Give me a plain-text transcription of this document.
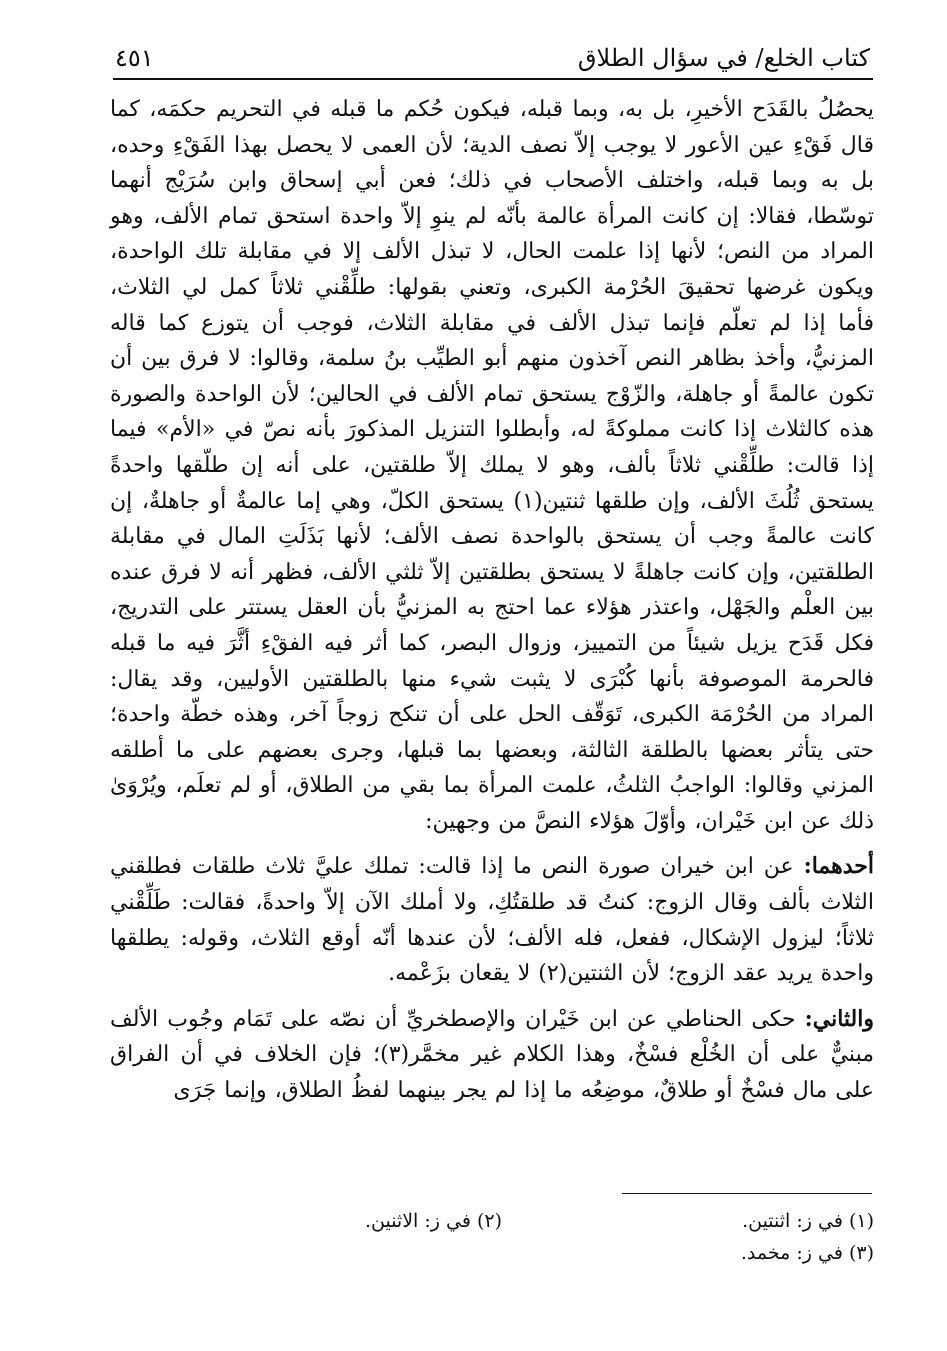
كتاب الخلع/ في سؤال الطلاق
٤٥١

يحصُلُ بالقَدَح الأخيرِ، بل به، وبما قبله، فيكون حُكم ما قبله في التحريم حكمَه، كما قال فَقْءِ عين الأعور لا يوجب إلاّ نصف الدية؛ لأن العمى لا يحصل بهذا الفَقْءِ وحده، بل به وبما قبله، واختلف الأصحاب في ذلك؛ فعن أبي إسحاق وابن سُرَيْج أنهما توسّطا، فقالا: إن كانت المرأة عالمة بأنّه لم ينوِ إلاّ واحدة استحق تمام الألف، وهو المراد من النص؛ لأنها إذا علمت الحال، لا تبذل الألف إلا في مقابلة تلك الواحدة، ويكون غرضها تحقيقَ الحُرْمة الكبرى، وتعني بقولها: طلِّقْني ثلاثاً كمل لي الثلاث، فأما إذا لم تعلّم فإنما تبذل الألف في مقابلة الثلاث، فوجب أن يتوزع كما قاله المزنيُّ، وأخذ بظاهر النص آخذون منهم أبو الطيِّب بنُ سلمة، وقالوا: لا فرق بين أن تكون عالمةً أو جاهلة، والزّوْج يستحق تمام الألف في الحالين؛ لأن الواحدة والصورة هذه كالثلاث إذا كانت مملوكةً له، وأبطلوا التنزيل المذكورَ بأنه نصّ في «الأم» فيما إذا قالت: طلِّقْني ثلاثاً بألف، وهو لا يملك إلاّ طلقتين، على أنه إن طلّقها واحدةً يستحق ثُلُثَ الألف، وإن طلقها ثنتين(١) يستحق الكلّ، وهي إما عالمةٌ أو جاهلةٌ، إن كانت عالمةً وجب أن يستحق بالواحدة نصف الألف؛ لأنها بَذَلَتِ المال في مقابلة الطلقتين، وإن كانت جاهلةً لا يستحق بطلقتين إلاّ ثلثي الألف، فظهر أنه لا فرق عنده بين العلْم والجَهْل، واعتذر هؤلاء عما احتج به المزنيُّ بأن العقل يستتر على التدريج، فكل قَدَح يزيل شيئاً من التمييز، وزوال البصر، كما أثر فيه الفقْءِ أثَّرَ فيه ما قبله فالحرمة الموصوفة بأنها كُبْرَى لا يثبت شيء منها بالطلقتين الأوليين، وقد يقال: المراد من الحُرْمَة الكبرى، تَوَقّف الحل على أن تنكح زوجاً آخر، وهذه خطّة واحدة؛ حتى يتأثر بعضها بالطلقة الثالثة، وبعضها بما قبلها، وجرى بعضهم على ما أطلقه المزني وقالوا: الواجبُ الثلثُ، علمت المرأة بما بقي من الطلاق، أو لم تعلَم، ويُرْوَىٰ ذلك عن ابن خَيْران، وأوّلَ هؤلاء النصَّ من وجهين:

أحدهما: عن ابن خيران صورة النص ما إذا قالت: تملك عليَّ ثلاث طلقات فطلقني الثلاث بألف وقال الزوج: كنتُ قد طلقتُكِ، ولا أملك الآن إلاّ واحدةً، فقالت: طَلِّقْني ثلاثاً؛ ليزول الإشكال، ففعل، فله الألف؛ لأن عندها أنّه أوقع الثلاث، وقوله: يطلقها واحدة يريد عقد الزوج؛ لأن الثنتين(٢) لا يقعان بزَعْمه.

والثاني: حكى الحناطي عن ابن خَيْران والإصطخريِّ أن نصّه على تَمَام وجُوب الألف مبنيٌّ على أن الخُلْع فسْخٌ، وهذا الكلام غير مخمَّر(٣)؛ فإن الخلاف في أن الفراق على مال فسْخٌ أو طلاقٌ، موضِعُه ما إذا لم يجر بينهما لفظُ الطلاق، وإنما جَرَى

(١) في ز: اثنتين.
(٢) في ز: الاثنين.
(٣) في ز: مخمد.
